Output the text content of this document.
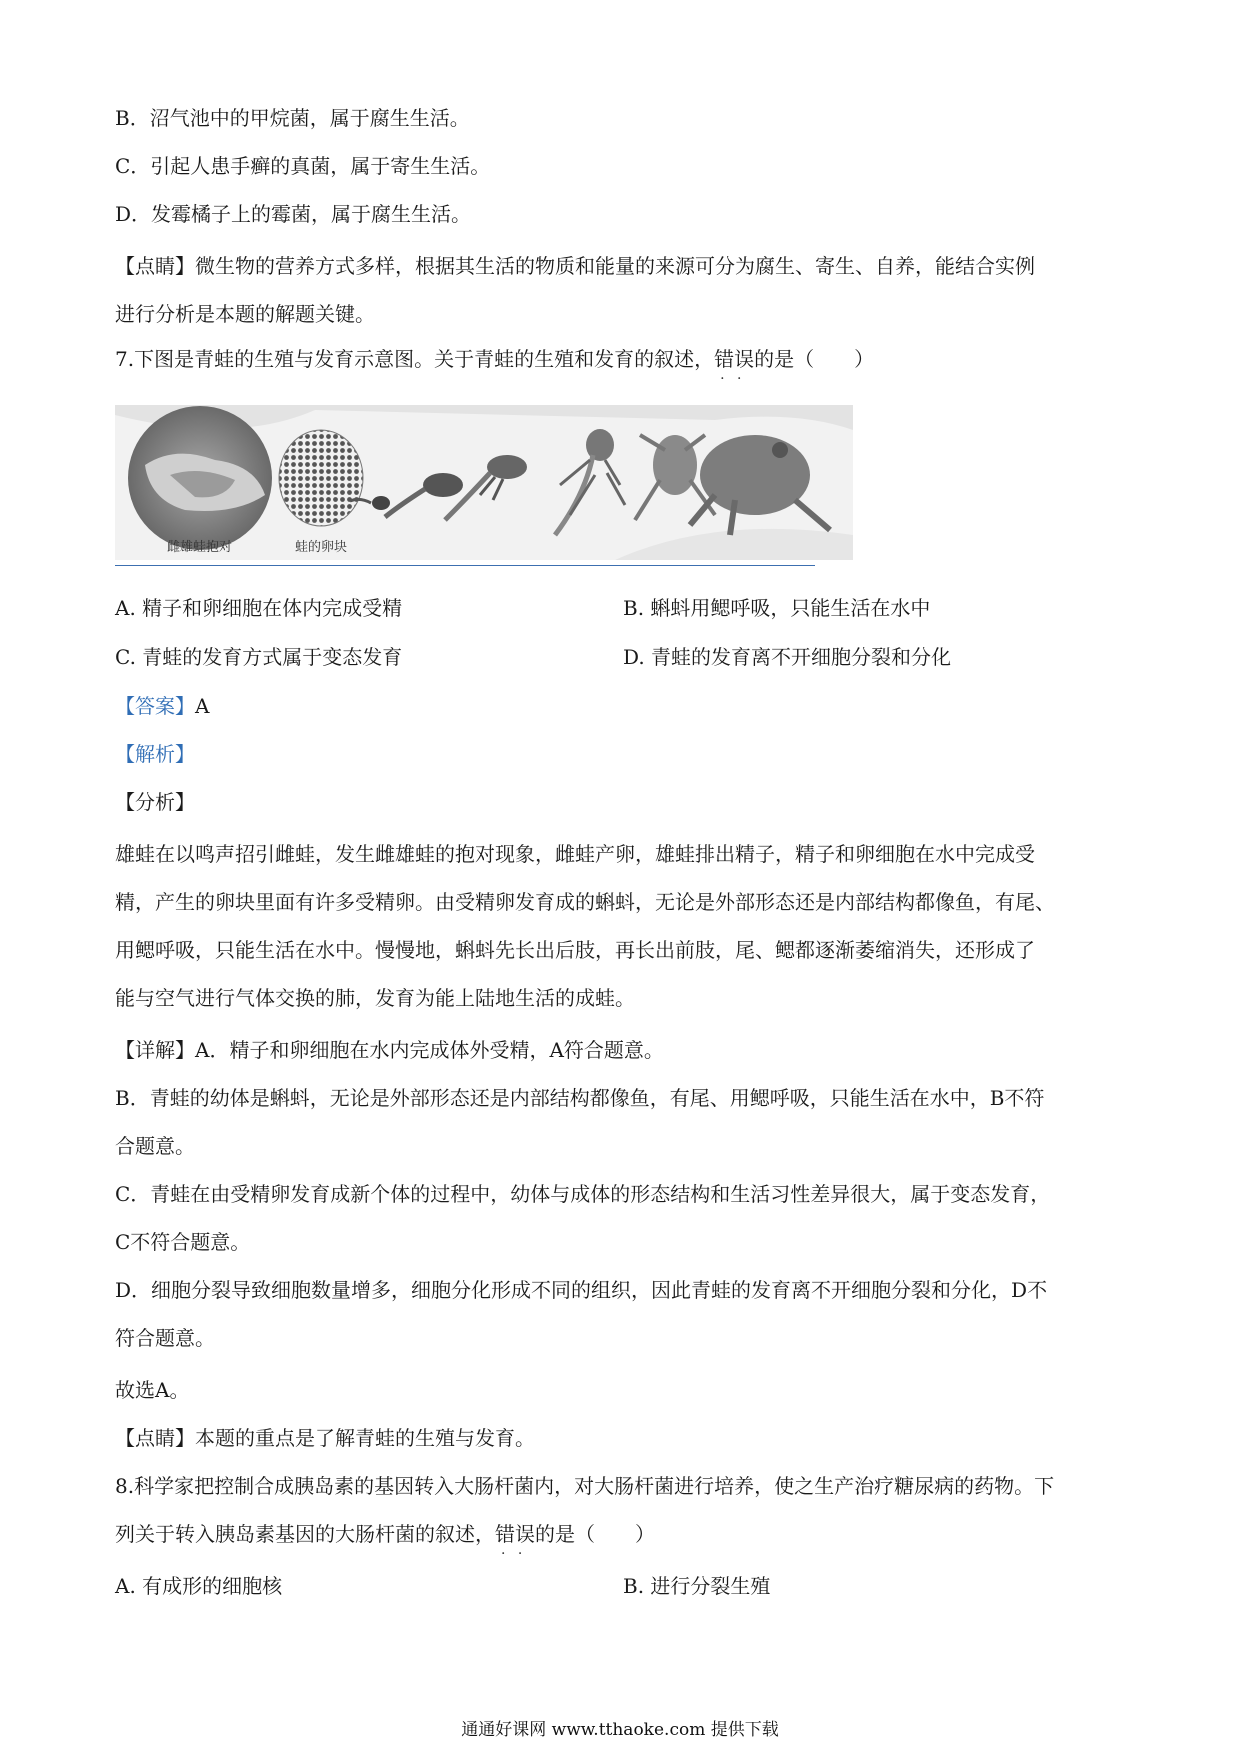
B．沼气池中的甲烷菌，属于腐生生活。
C．引起人患手癣的真菌，属于寄生生活。
D．发霉橘子上的霉菌，属于腐生生活。
【点睛】微生物的营养方式多样，根据其生活的物质和能量的来源可分为腐生、寄生、自养，能结合实例
进行分析是本题的解题关键。
7.下图是青蛙的生殖与发育示意图。关于青蛙的生殖和发育的叙述，错误 · ·的是（　　）
雌雄蛙抱对	蛙的卵块
A. 精子和卵细胞在体内完成受精	B. 蝌蚪用鳃呼吸，只能生活在水中
C. 青蛙的发育方式属于变态发育	D. 青蛙的发育离不开细胞分裂和分化
【答案】A
【解析】
【分析】
雄蛙在以鸣声招引雌蛙，发生雌雄蛙的抱对现象，雌蛙产卵，雄蛙排出精子，精子和卵细胞在水中完成受
精，产生的卵块里面有许多受精卵。由受精卵发育成的蝌蚪，无论是外部形态还是内部结构都像鱼，有尾、
用鳃呼吸，只能生活在水中。慢慢地，蝌蚪先长出后肢，再长出前肢，尾、鳃都逐渐萎缩消失，还形成了
能与空气进行气体交换的肺，发育为能上陆地生活的成蛙。
【详解】A．精子和卵细胞在水内完成体外受精，A符合题意。
B．青蛙的幼体是蝌蚪，无论是外部形态还是内部结构都像鱼，有尾、用鳃呼吸，只能生活在水中，B不符
合题意。
C．青蛙在由受精卵发育成新个体的过程中，幼体与成体的形态结构和生活习性差异很大，属于变态发育，
C不符合题意。
D．细胞分裂导致细胞数量增多，细胞分化形成不同的组织，因此青蛙的发育离不开细胞分裂和分化，D不
符合题意。
故选A。
【点睛】本题的重点是了解青蛙的生殖与发育。
8.科学家把控制合成胰岛素的基因转入大肠杆菌内，对大肠杆菌进行培养，使之生产治疗糖尿病的药物。下
列关于转入胰岛素基因的大肠杆菌的叙述，错误 · ·的是（　　）
A. 有成形的细胞核	B. 进行分裂生殖
通通好课网 www.tthaoke.com 提供下载
